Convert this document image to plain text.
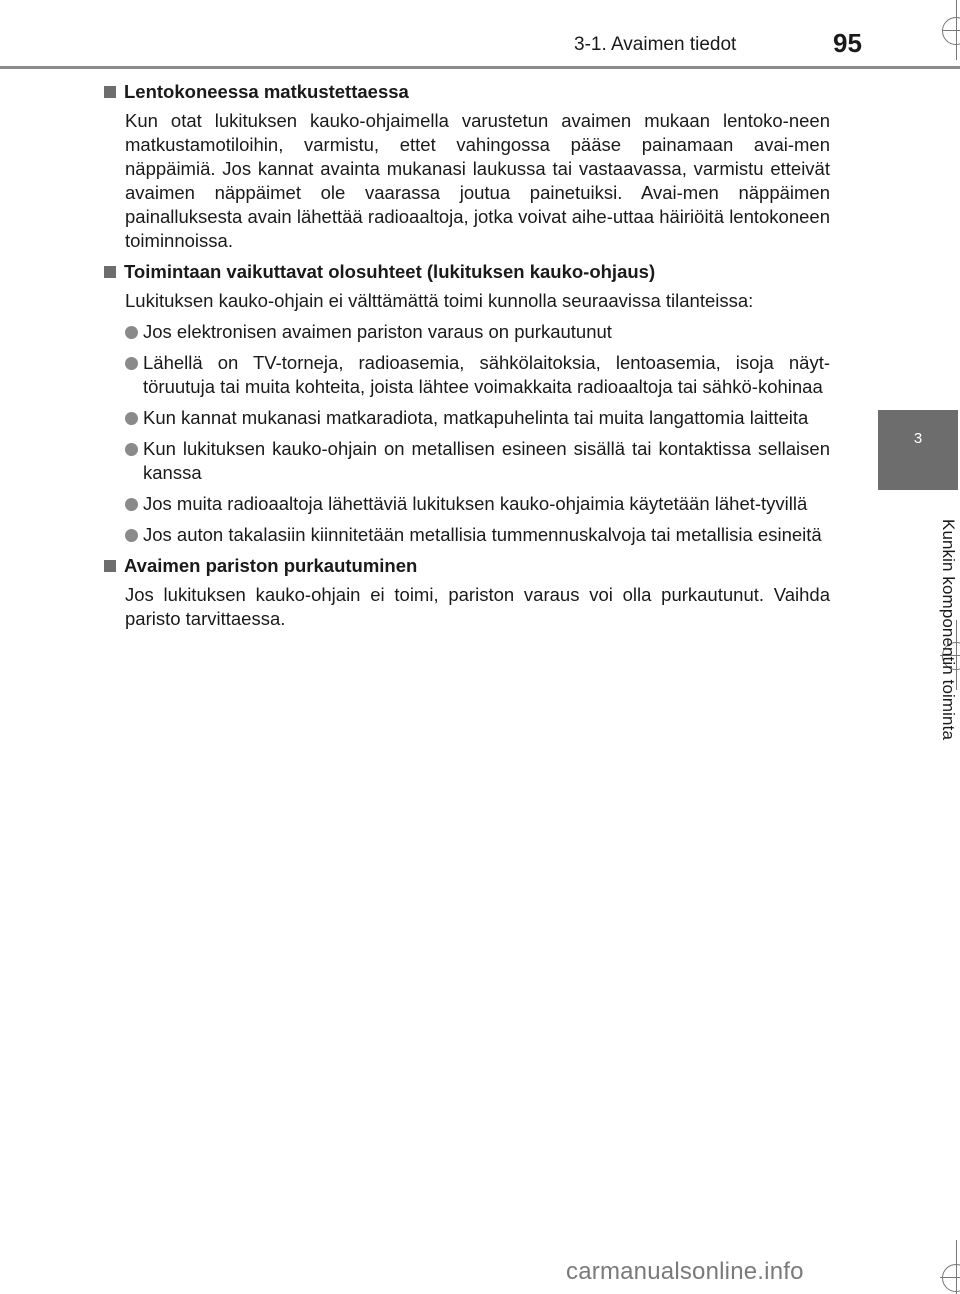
3-1. Avaimen tiedot	95
3
Kunkin komponentin toiminta
Lentokoneessa matkustettaessa
Kun otat lukituksen kauko-ohjaimella varustetun avaimen mukaan lentoko-neen matkustamotiloihin, varmistu, ettet vahingossa pääse painamaan avai-men näppäimiä. Jos kannat avainta mukanasi laukussa tai vastaavassa, varmistu etteivät avaimen näppäimet ole vaarassa joutua painetuiksi. Avai-men näppäimen painalluksesta avain lähettää radioaaltoja, jotka voivat aihe-uttaa häiriöitä lentokoneen toiminnoissa.
Toimintaan vaikuttavat olosuhteet (lukituksen kauko-ohjaus)
Lukituksen kauko-ohjain ei välttämättä toimi kunnolla seuraavissa tilanteissa:
Jos elektronisen avaimen pariston varaus on purkautunut
Lähellä on TV-torneja, radioasemia, sähkölaitoksia, lentoasemia, isoja näyt-töruutuja tai muita kohteita, joista lähtee voimakkaita radioaaltoja tai sähkö-kohinaa
Kun kannat mukanasi matkaradiota, matkapuhelinta tai muita langattomia laitteita
Kun lukituksen kauko-ohjain on metallisen esineen sisällä tai kontaktissa sellaisen kanssa
Jos muita radioaaltoja lähettäviä lukituksen kauko-ohjaimia käytetään lähet-tyvillä
Jos auton takalasiin kiinnitetään metallisia tummennuskalvoja tai metallisia esineitä
Avaimen pariston purkautuminen
Jos lukituksen kauko-ohjain ei toimi, pariston varaus voi olla purkautunut. Vaihda paristo tarvittaessa.
carmanualsonline.info
